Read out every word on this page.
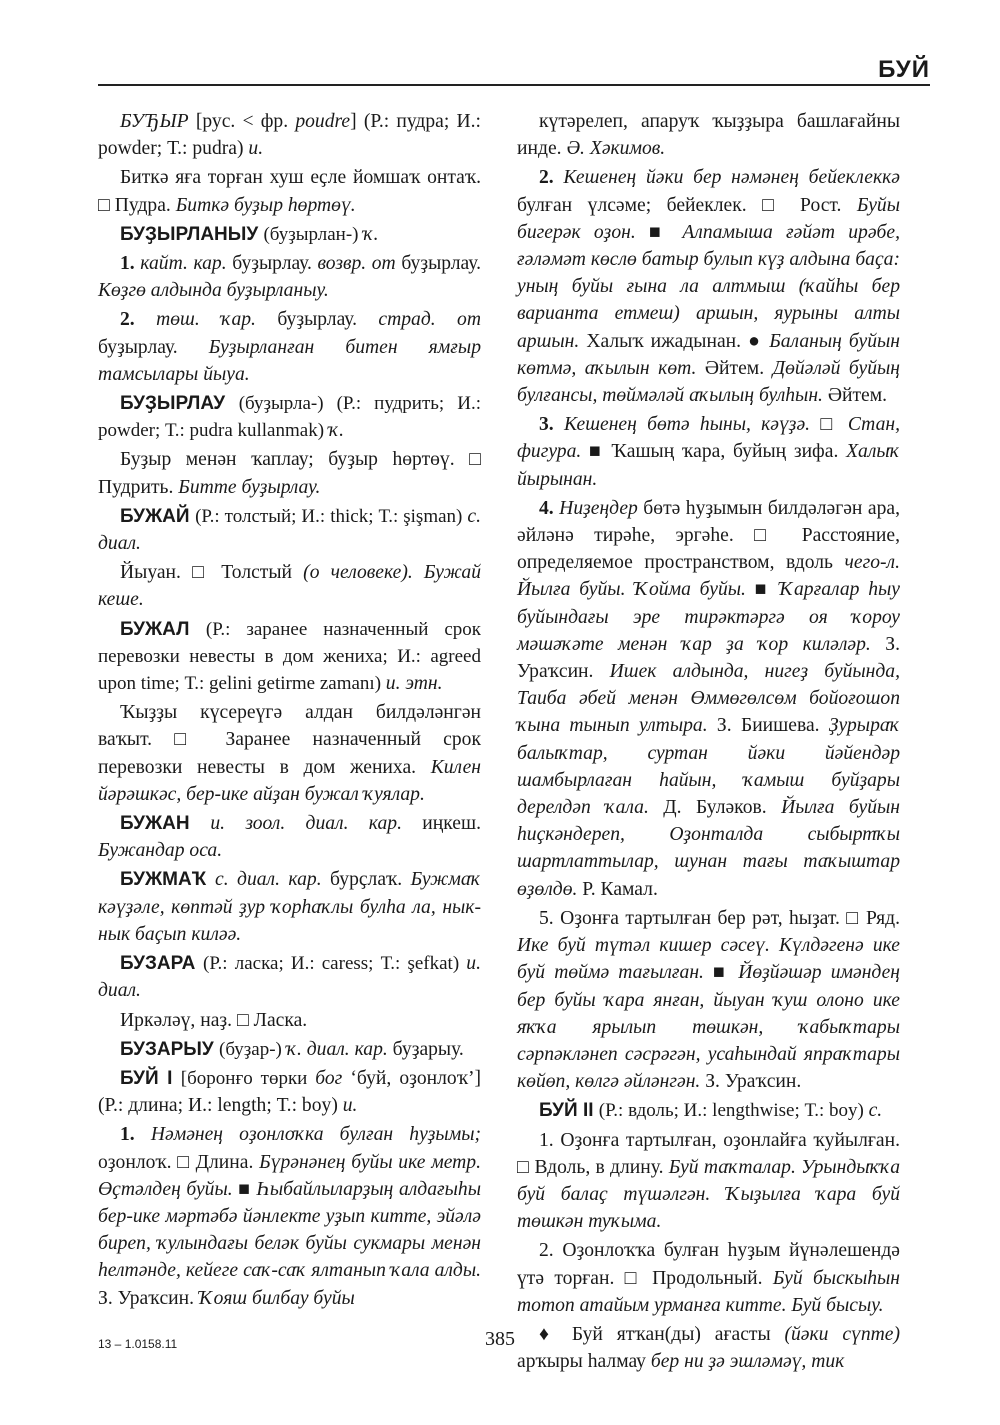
БУЙ

БУЂЫР [рус. < фр. poudre] (Р.: пудра; И.: powder; Т.: pudra) и.

Биткә яға торған хуш еҫле йомшаҡ онтаҡ. □ Пудра. Биткә буҙыр һөртөү.

БУҘЫРЛАНЫУ (буҙырлан-) ҡ.

1. кайт. кар. буҙырлау. возвр. от буҙырлау. Көҙгө алдында буҙырланыу.

2. төш. ҡар. буҙырлау. страд. от буҙырлау. Буҙырланған битен ямғыр тамсылары йыуа.

БУҘЫРЛАУ (буҙырла-) (Р.: пудрить; И.: powder; Т.: pudra kullanmak) ҡ.

Буҙыр менән ҡаплау; буҙыр һөртөү. □ Пудрить. Битте буҙырлау.

БУЖАЙ (Р.: толстый; И.: thick; Т.: şişman) с. диал.

Йыуан. □ Толстый (о человеке). Бужай кеше.

БУЖАЛ (Р.: заранее назначенный срок перевозки невесты в дом жениха; И.: agreed upon time; Т.: gelini getirme zamanı) и. этн.

Ҡыҙҙы күсереүгә алдан билдәләнгән ваҡыт. □ Заранее назначенный срок перевозки невесты в дом жениха. Килен йәрәшкәс, бер-ике айҙан бужал ҡуялар.

БУЖАН и. зоол. диал. кар. иңкеш. Бужандар оса.

БУЖМАҠ с. диал. кар. бурҫлаҡ. Бужмаҡ кәүҙәле, көптәй ҙур ҡорһаҡлы булһа ла, нык-нык баҫып киләә.

БУЗАРА (Р.: ласка; И.: caress; Т.: şefkat) и. диал.

Иркәләү, наҙ. □ Ласка.

БУЗАРЫУ (буҙар-) ҡ. диал. кар. буҙарыу.

БУЙ I [боронғо төрки бог ‘буй, оҙонлоҡ’] (Р.: длина; И.: length; Т.: boy) и.

1. Нәмәнең оҙонлоҡка булған һуҙымы; оҙонлоҡ. □ Длина. Бүрәнәнең буйы ике метр. Өҫтәлдең буйы. ■ Һыбайлыларҙың алдағыһы бер-ике мәртәбә йәнлекте уҙып китте, эйәлә биреп, ҡулындағы беләк буйы сукмары менән һелтәнде, кейеге саҡ-саҡ ялтанып ҡала алды. З. Ураҡсин. Ҡояш билбау буйы

күтәрелеп, апаруҡ ҡыҙҙыра башлағайны инде. Ә. Хәкимов.

2. Кешенең йәки бер нәмәнең бейеклеккә булған үлсәме; бейеклек. □ Рост. Буйы бигерәк оҙон. ■ Алпамыша ғәйәт ирәбе, ғәләмәт көслө батыр булып күҙ алдына баҫа: уның буйы ғына ла алтмыш (ҡайһы бер варианта етмеш) аршын, яурыны алты аршын. Халыҡ ижадынан. ● Баланың буйын көтмә, аҡылын көт. Әйтем. Дөйәләй буйың булғансы, төймәләй аҡылың булһын. Әйтем.

3. Кешенең бөтә һыны, кәүҙә. □ Стан, фигура. ■ Ҡашың ҡара, буйың зифа. Халыҡ йырынан.

4. Ниҙеңдер бөтә һуҙымын билдәләгән ара, әйләнә тирәһе, эргәһе. □ Расстояние, определяемое пространством, вдоль чего-л. Йылға буйы. Ҡойма буйы. ■ Ҡарғалар һыу буйындағы эре тирәктәргә оя ҡороу мәшәҡәте менән ҡар ҙа ҡор киләләр. З. Ураҡсин. Ишек алдында, нигеҙ буйында, Таиба әбей менән Өммөгөлсөм бойоғошоп ҡына тынып ултыра. З. Биишева. Ҙурыраҡ балыҡтар, суртан йәки йәйендәр шамбырлаған һайын, ҡамыш буйҙары дерелдәп ҡала. Д. Буләков. Йылға буйын һиҫкәндереп, Оҙонталда сыбыртҡы шартлаттылар, шунан тағы таҡыштар өҙөлдө. Р. Камал.

5. Оҙонға тартылған бер рәт, һыҙат. □ Ряд. Ике буй түтәл кишер сәсеү. Күлдәгенә ике буй төймә тағылған. ■ Йөҙйәшәр имәндең бер буйы ҡара янған, йыуан ҡуш олоно ике яҡҡа ярылып төшкән, ҡабыҡтары сәрпәкләнеп сәсрәгән, усаһындай япраҡтары көйөп, көлгә әйләнгән. З. Ураҡсин.

БУЙ II (Р.: вдоль; И.: lengthwise; Т.: boy) с.

1. Оҙонға тартылған, оҙонлайға ҡуйылған. □ Вдоль, в длину. Буй таҡталар. Урындыҡҡа буй балаҫ түшәлгән. Ҡыҙылға ҡара буй төшкән туҡыма.

2. Оҙонлоҡҡа булған һуҙым йүнәлешендә үтә торған. □ Продольный. Буй быскыһын тотоп атайым урманға китте. Буй бысыу.

♦ Буй ятҡан(ды) ағасты (йәки сүпте) арҡыры һалмау бер ни ҙә эшләмәү, тик

13 – 1.0158.11	385
